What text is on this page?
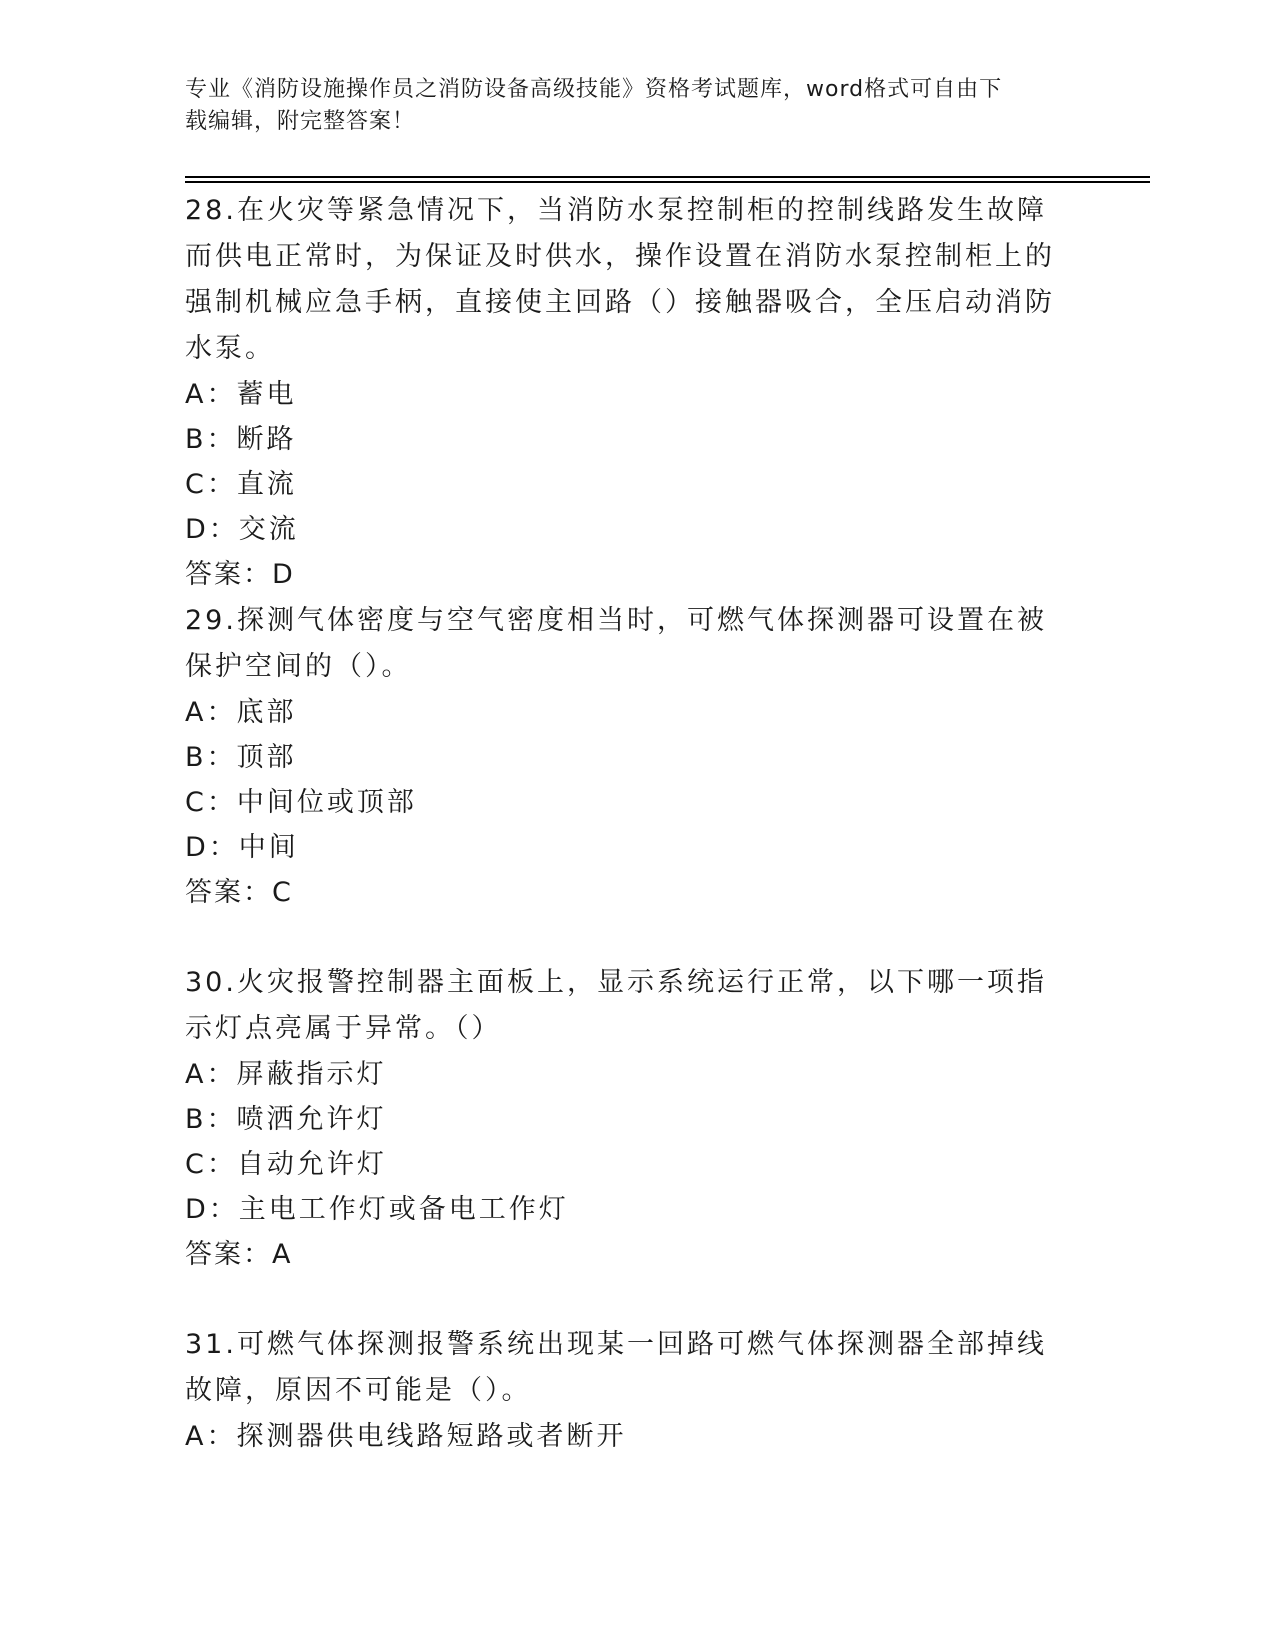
专业《消防设施操作员之消防设备高级技能》资格考试题库，word格式可自由下
载编辑，附完整答案！

28.在火灾等紧急情况下，当消防水泵控制柜的控制线路发生故障而供电正常时，为保证及时供水，操作设置在消防水泵控制柜上的强制机械应急手柄，直接使主回路（）接触器吸合，全压启动消防水泵。

A：蓄电

B：断路

C：直流

D：交流

答案：D

29.探测气体密度与空气密度相当时，可燃气体探测器可设置在被保护空间的（）。

A：底部

B：顶部

C：中间位或顶部

D：中间

答案：C

30.火灾报警控制器主面板上，显示系统运行正常，以下哪一项指示灯点亮属于异常。（）

A：屏蔽指示灯

B：喷洒允许灯

C：自动允许灯

D：主电工作灯或备电工作灯

答案：A

31.可燃气体探测报警系统出现某一回路可燃气体探测器全部掉线故障，原因不可能是（）。

A：探测器供电线路短路或者断开
